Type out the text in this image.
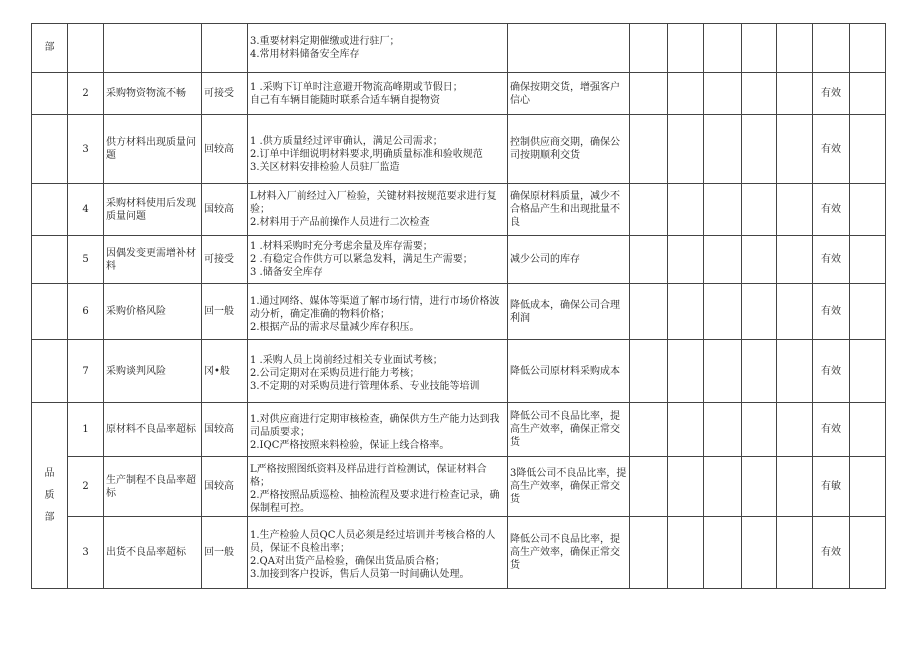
部				3.重要材料定期催缴或进行驻厂；
4.常用材料储备安全库存								

	2	采购物资物流不畅	可接受	1 .采购下订单时注意避开物流高峰期或节假日；
自己有车辆目能随时联系合适车辆自提物资	确保按期交货，增强客户信心						有效	
	3	供方材料出现质量问题	回较高	1 .供方质量经过评审确认，满足公司需求；
2.订单中详细说明材料要求,明确质量标准和验收规范
3.关区材料安排检验人员驻厂监造	控制供应商交期，确保公司按期顺利交货						有效	
	4	采购材料使用后发现质量问题	国较高	L材料入厂前经过入厂检验，关键材料按规范要求进行复验；
2.材料用于产品前操作人员进行二次检查	确保原材料质量，减少不合格品产生和出现批量不良						有效	
	5	因偶发变更需增补材料	可接受	1 .材料采购时充分考虑余量及库存需要；
2 .有稳定合作供方可以紧急发料，满足生产需要；
3 .储备安全库存	减少公司的库存						有效	
	6	采购价格风险	回一般	1.通过网络、媒体等渠道了解市场行情，进行市场价格波动分析，确定准确的物料价格；
2.根据产品的需求尽量减少库存积压。	降低成本，确保公司合理利润						有效	
	7	采购谈判风险	冈•般	1 .采购人员上岗前经过相关专业面试考核；
2.公司定期对在采购员进行能力考核；
3.不定期的对采购员进行管理体系、专业技能等培训	降低公司原材料采购成本						有效	

品
质
部	1	原材料不良品率超标	国较高	1.对供应商进行定期审核检查，确保供方生产能力达到我司品质要求；
2.IQC严格按照来料检验，保证上线合格率。	降低公司不良品比率，提高生产效率，确保正常交货						有效	
	2	生产制程不良品率超标	国较高	L严格按照图纸资料及样品进行首检测试，保证材料合格；
2.严格按照品质巡检、抽检流程及要求进行检查记录，确保制程可控。	3降低公司不良品比率，提高生产效率，确保正常交货						有敏	
	3	出货不良品率超标	回一般	1.生产检验人员QC人员必须是经过培训并考核合格的人员，保证不良检出率；
2.QA对出货产品检验，确保出货品质合格；
3.加接到客户投诉，售后人员第一时间确认处理。	降低公司不良品比率，提高生产效率，确保正常交货						有效	
